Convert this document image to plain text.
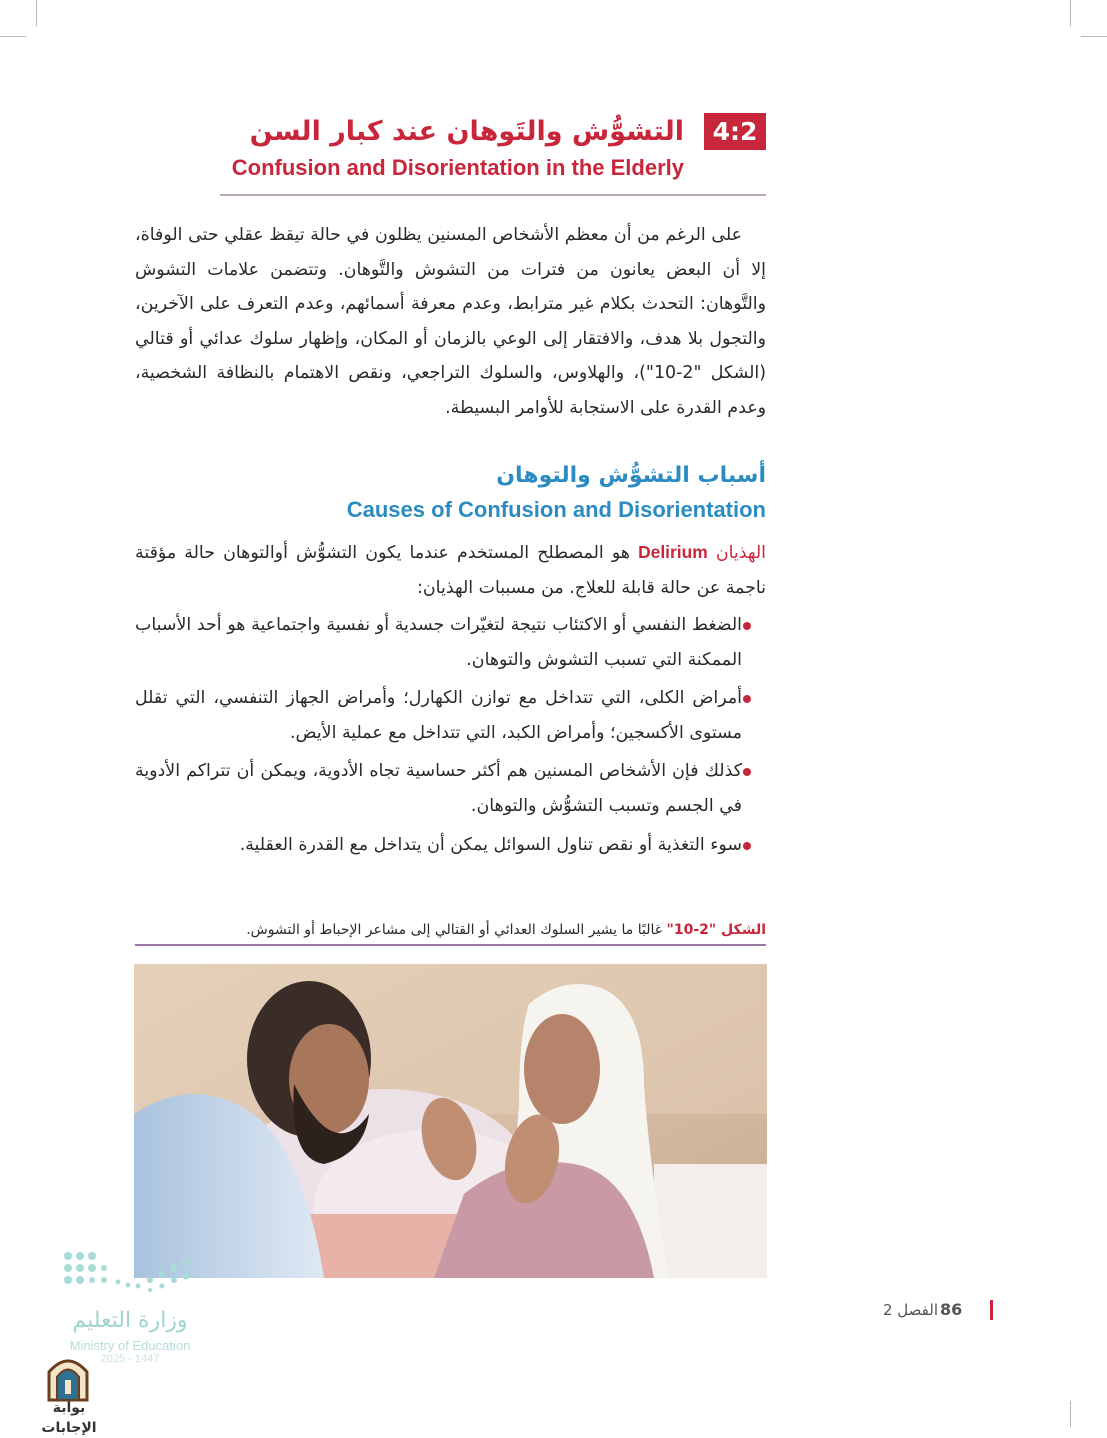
4:2
التشوُّش والتَوهان عند كبار السن
Confusion and Disorientation in the Elderly

على الرغم من أن معظم الأشخاص المسنين يظلون في حالة تيقظ عقلي حتى الوفاة، إلا أن البعض يعانون من فترات من التشوش والتَّوهان. وتتضمن علامات التشوش والتَّوهان: التحدث بكلام غير مترابط، وعدم معرفة أسمائهم، وعدم التعرف على الآخرين، والتجول بلا هدف، والافتقار إلى الوعي بالزمان أو المكان، وإظهار سلوك عدائي أو قتالي (الشكل "2-10")، والهلاوس، والسلوك التراجعي، ونقص الاهتمام بالنظافة الشخصية، وعدم القدرة على الاستجابة للأوامر البسيطة.

أسباب التشوُّش والتوهان
Causes of Confusion and Disorientation

الهذيان Delirium هو المصطلح المستخدم عندما يكون التشوُّش أوالتوهان حالة مؤقتة ناجمة عن حالة قابلة للعلاج. من مسببات الهذيان:

الضغط النفسي أو الاكتئاب نتيجة لتغيّرات جسدية أو نفسية واجتماعية هو أحد الأسباب الممكنة التي تسبب التشوش والتوهان.
أمراض الكلى، التي تتداخل مع توازن الكهارل؛ وأمراض الجهاز التنفسي، التي تقلل مستوى الأكسجين؛ وأمراض الكبد، التي تتداخل مع عملية الأيض.
كذلك فإن الأشخاص المسنين هم أكثر حساسية تجاه الأدوية، ويمكن أن تتراكم الأدوية في الجسم وتسبب التشوُّش والتوهان.
سوء التغذية أو نقص تناول السوائل يمكن أن يتداخل مع القدرة العقلية.
الشكل "2-10" غالبًا ما يشير السلوك العدائي أو القتالي إلى مشاعر الإحباط أو التشوش.
86
الفصل 2
وزارة التعليم
Ministry of Education
2025 - 1447
بوابة الإجابات
